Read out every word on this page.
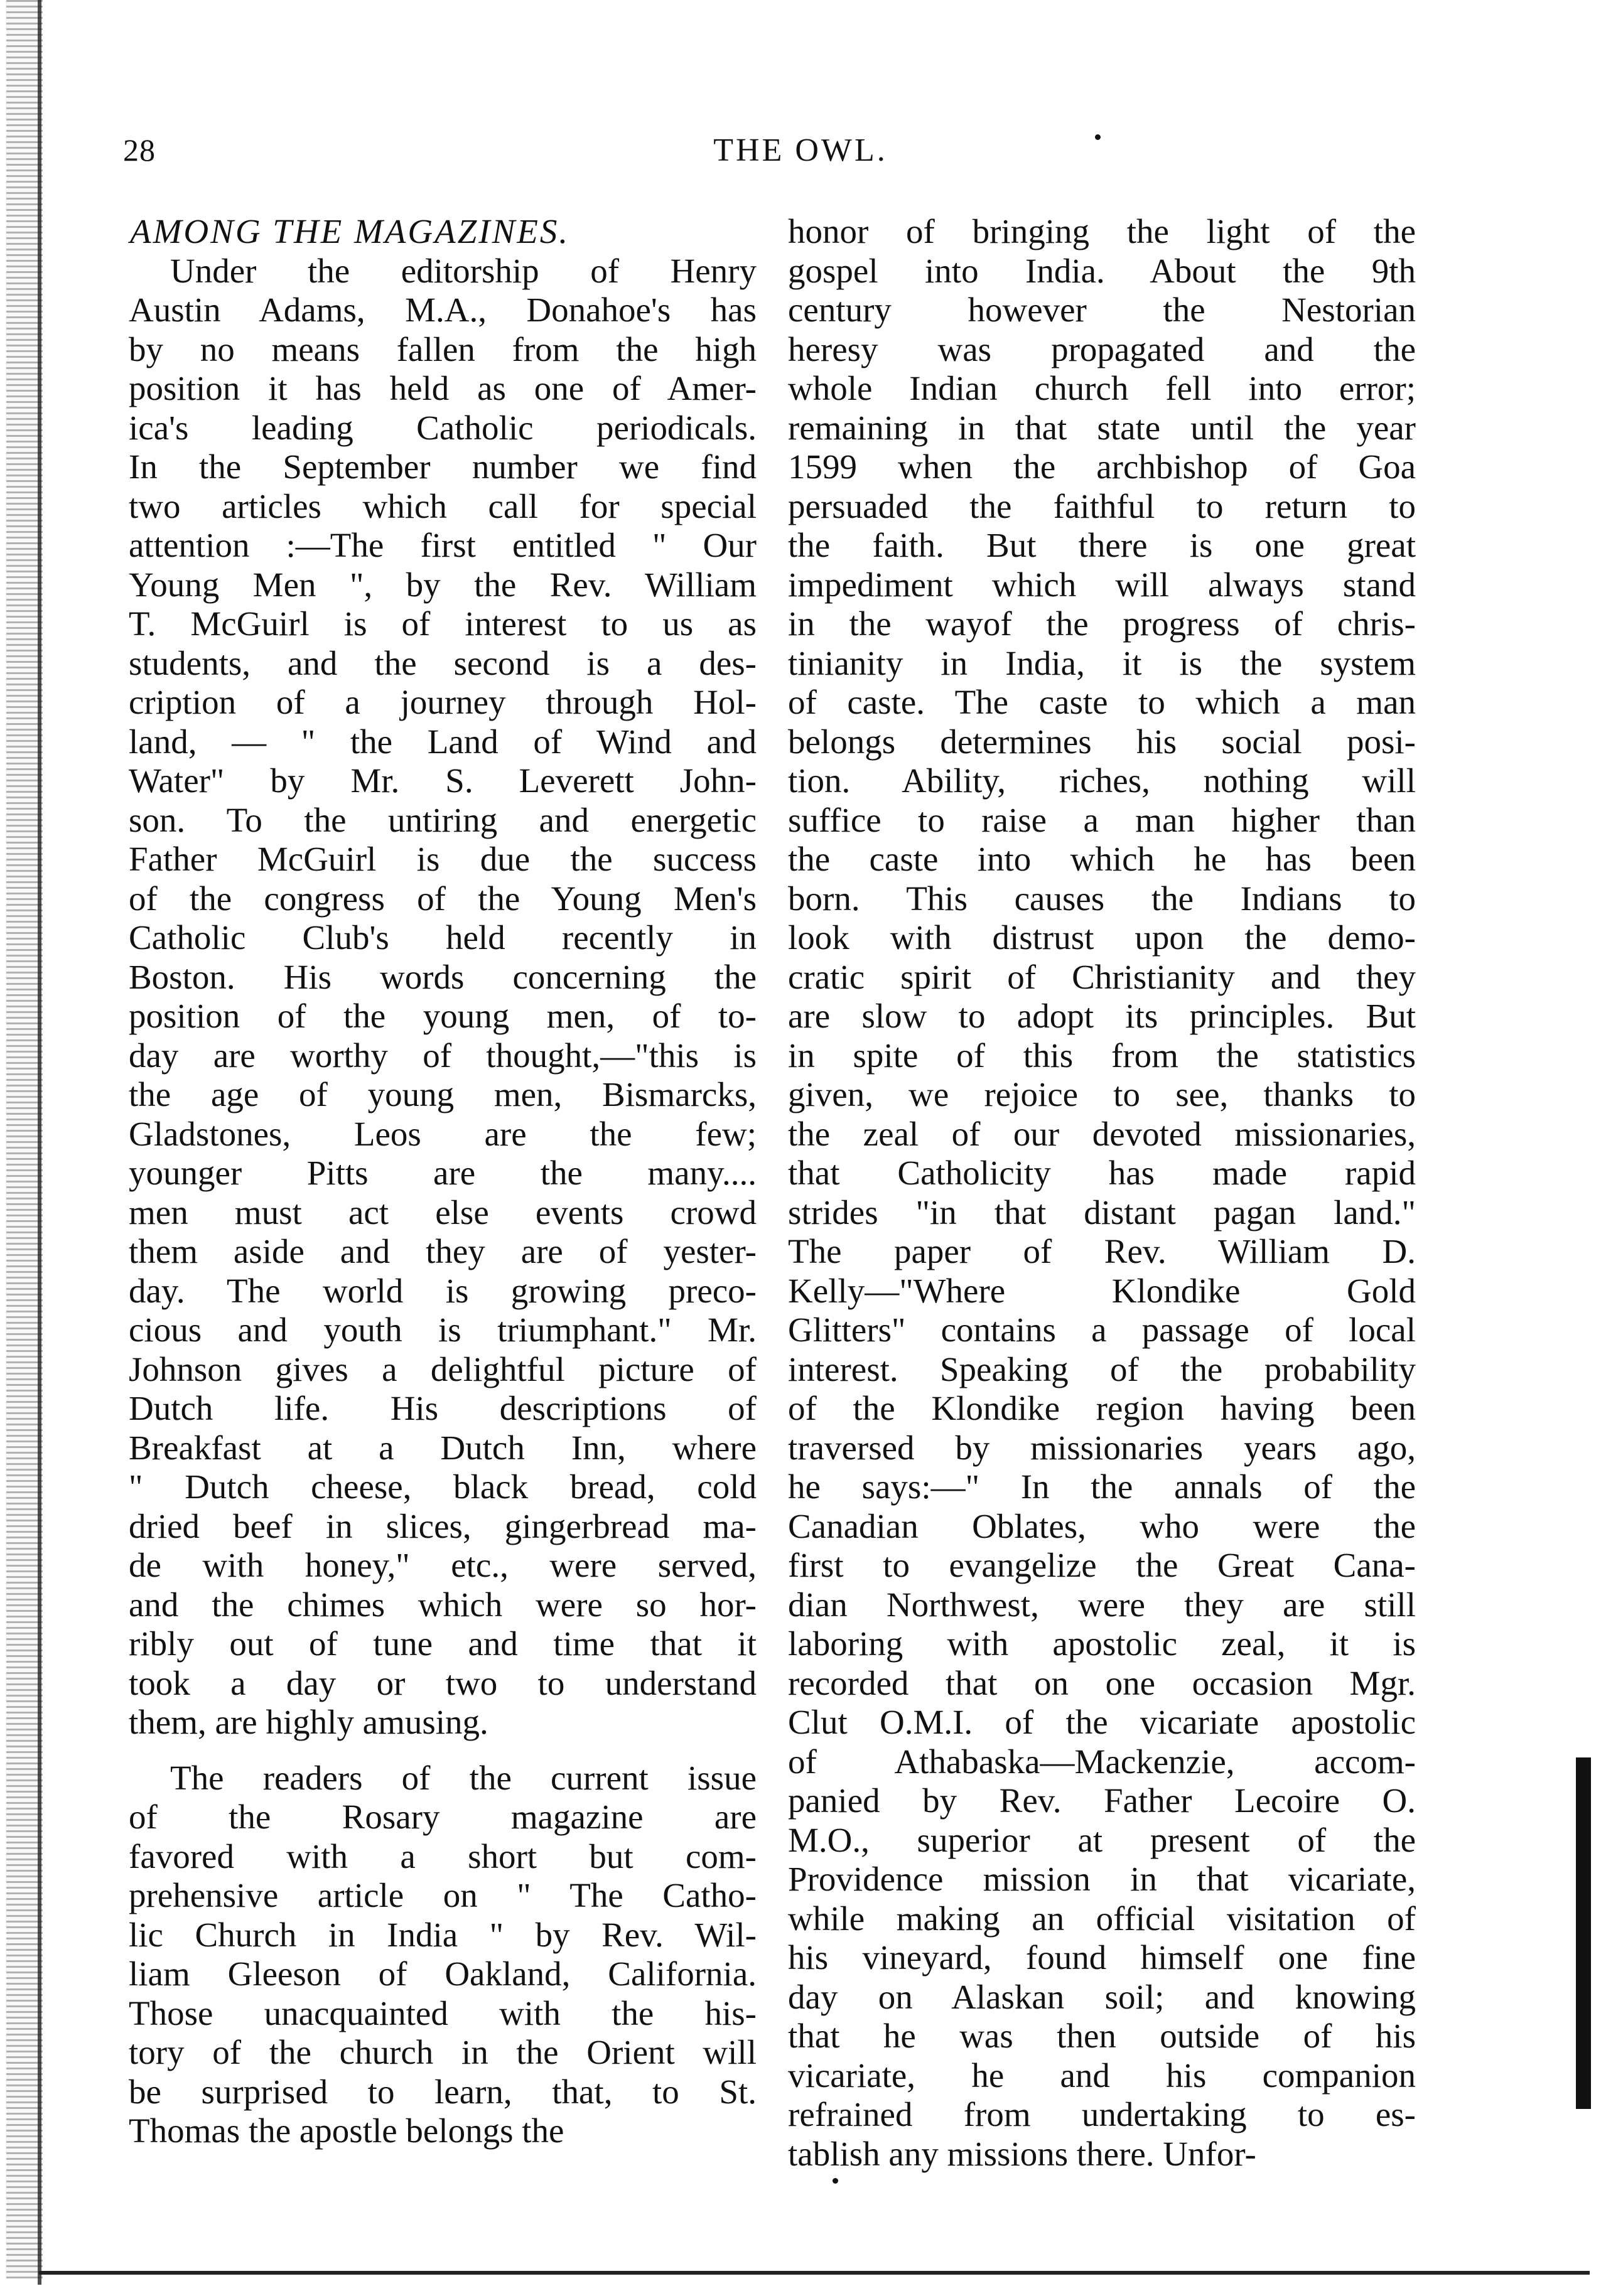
28	THE OWL.
AMONG THE MAGAZINES.
Under the editorship of Henry
Austin Adams, M.A., Donahoe's has
by no means fallen from the high
position it has held as one of Amer-
ica's leading Catholic periodicals.
In the September number we find
two articles which call for special
attention :—The first entitled " Our
Young Men ", by the Rev. William
T. McGuirl is of interest to us as
students, and the second is a des-
cription of a journey through Hol-
land, — " the Land of Wind and
Water" by Mr. S. Leverett John-
son. To the untiring and energetic
Father McGuirl is due the success
of the congress of the Young Men's
Catholic Club's held recently in
Boston. His words concerning the
position of the young men, of to-
day are worthy of thought,—"this is
the age of young men, Bismarcks,
Gladstones, Leos are the few;
younger Pitts are the many....
men must act else events crowd
them aside and they are of yester-
day. The world is growing preco-
cious and youth is triumphant." Mr.
Johnson gives a delightful picture of
Dutch life. His descriptions of
Breakfast at a Dutch Inn, where
" Dutch cheese, black bread, cold
dried beef in slices, gingerbread ma-
de with honey," etc., were served,
and the chimes which were so hor-
ribly out of tune and time that it
took a day or two to understand
them, are highly amusing.
The readers of the current issue
of the Rosary magazine are
favored with a short but com-
prehensive article on " The Catho-
lic Church in India " by Rev. Wil-
liam Gleeson of Oakland, California.
Those unacquainted with the his-
tory of the church in the Orient will
be surprised to learn, that, to St.
Thomas the apostle belongs the
honor of bringing the light of the
gospel into India. About the 9th
century however the Nestorian
heresy was propagated and the
whole Indian church fell into error;
remaining in that state until the year
1599 when the archbishop of Goa
persuaded the faithful to return to
the faith. But there is one great
impediment which will always stand
in the wayof the progress of chris-
tinianity in India, it is the system
of caste. The caste to which a man
belongs determines his social posi-
tion. Ability, riches, nothing will
suffice to raise a man higher than
the caste into which he has been
born. This causes the Indians to
look with distrust upon the demo-
cratic spirit of Christianity and they
are slow to adopt its principles. But
in spite of this from the statistics
given, we rejoice to see, thanks to
the zeal of our devoted missionaries,
that Catholicity has made rapid
strides "in that distant pagan land."
The paper of Rev. William D.
Kelly—"Where Klondike Gold
Glitters" contains a passage of local
interest. Speaking of the probability
of the Klondike region having been
traversed by missionaries years ago,
he says:—" In the annals of the
Canadian Oblates, who were the
first to evangelize the Great Cana-
dian Northwest, were they are still
laboring with apostolic zeal, it is
recorded that on one occasion Mgr.
Clut O.M.I. of the vicariate apostolic
of Athabaska—Mackenzie, accom-
panied by Rev. Father Lecoire O.
M.O., superior at present of the
Providence mission in that vicariate,
while making an official visitation of
his vineyard, found himself one fine
day on Alaskan soil; and knowing
that he was then outside of his
vicariate, he and his companion
refrained from undertaking to es-
tablish any missions there. Unfor-
